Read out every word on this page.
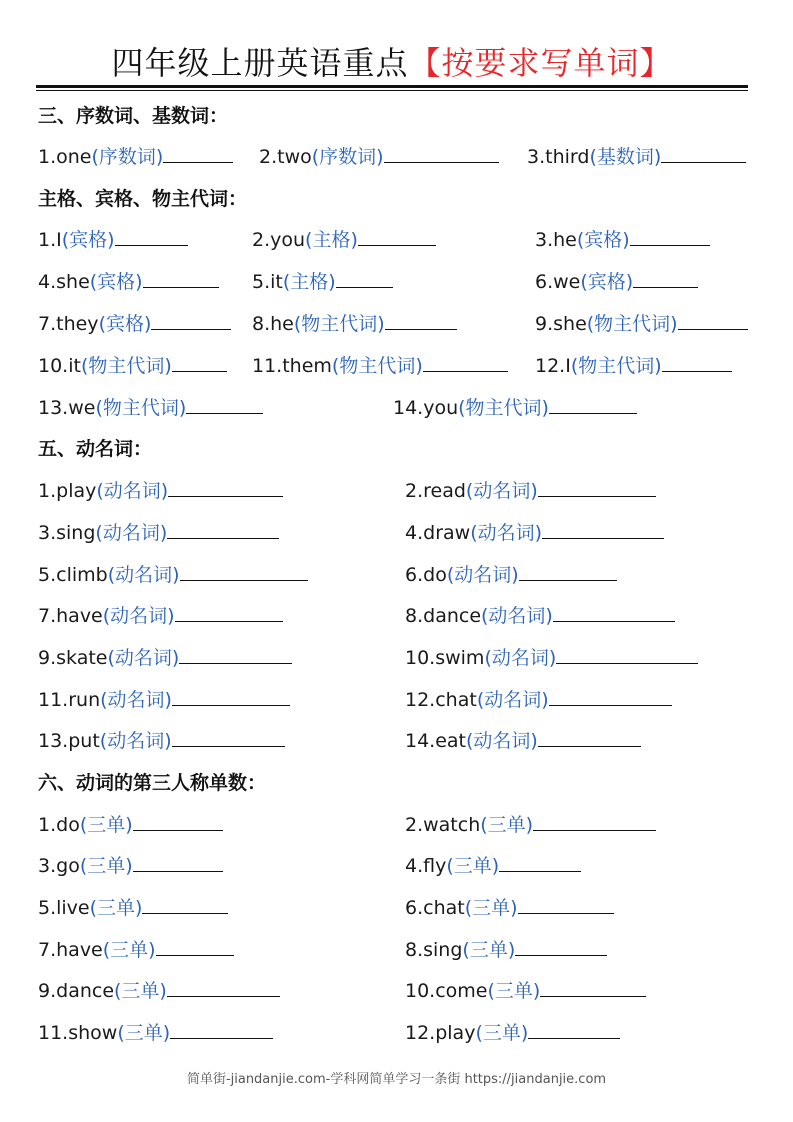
四年级上册英语重点【按要求写单词】
三、序数词、基数词：
1.one(序数词)	2.two(序数词)	3.third(基数词)
主格、宾格、物主代词：
1.I(宾格)	2.you(主格)	3.he(宾格)
4.she(宾格)	5.it(主格)	6.we(宾格)
7.they(宾格)	8.he(物主代词)	9.she(物主代词)
10.it(物主代词)	11.them(物主代词)	12.I(物主代词)
13.we(物主代词)	14.you(物主代词)
五、动名词：
1.play(动名词)	2.read(动名词)
3.sing(动名词)	4.draw(动名词)
5.climb(动名词)	6.do(动名词)
7.have(动名词)	8.dance(动名词)
9.skate(动名词)	10.swim(动名词)
11.run(动名词)	12.chat(动名词)
13.put(动名词)	14.eat(动名词)
六、动词的第三人称单数：
1.do(三单)	2.watch(三单)
3.go(三单)	4.fly(三单)
5.live(三单)	6.chat(三单)
7.have(三单)	8.sing(三单)
9.dance(三单)	10.come(三单)
11.show(三单)	12.play(三单)
简单街-jiandanjie.com-学科网简单学习一条街 https://jiandanjie.com
